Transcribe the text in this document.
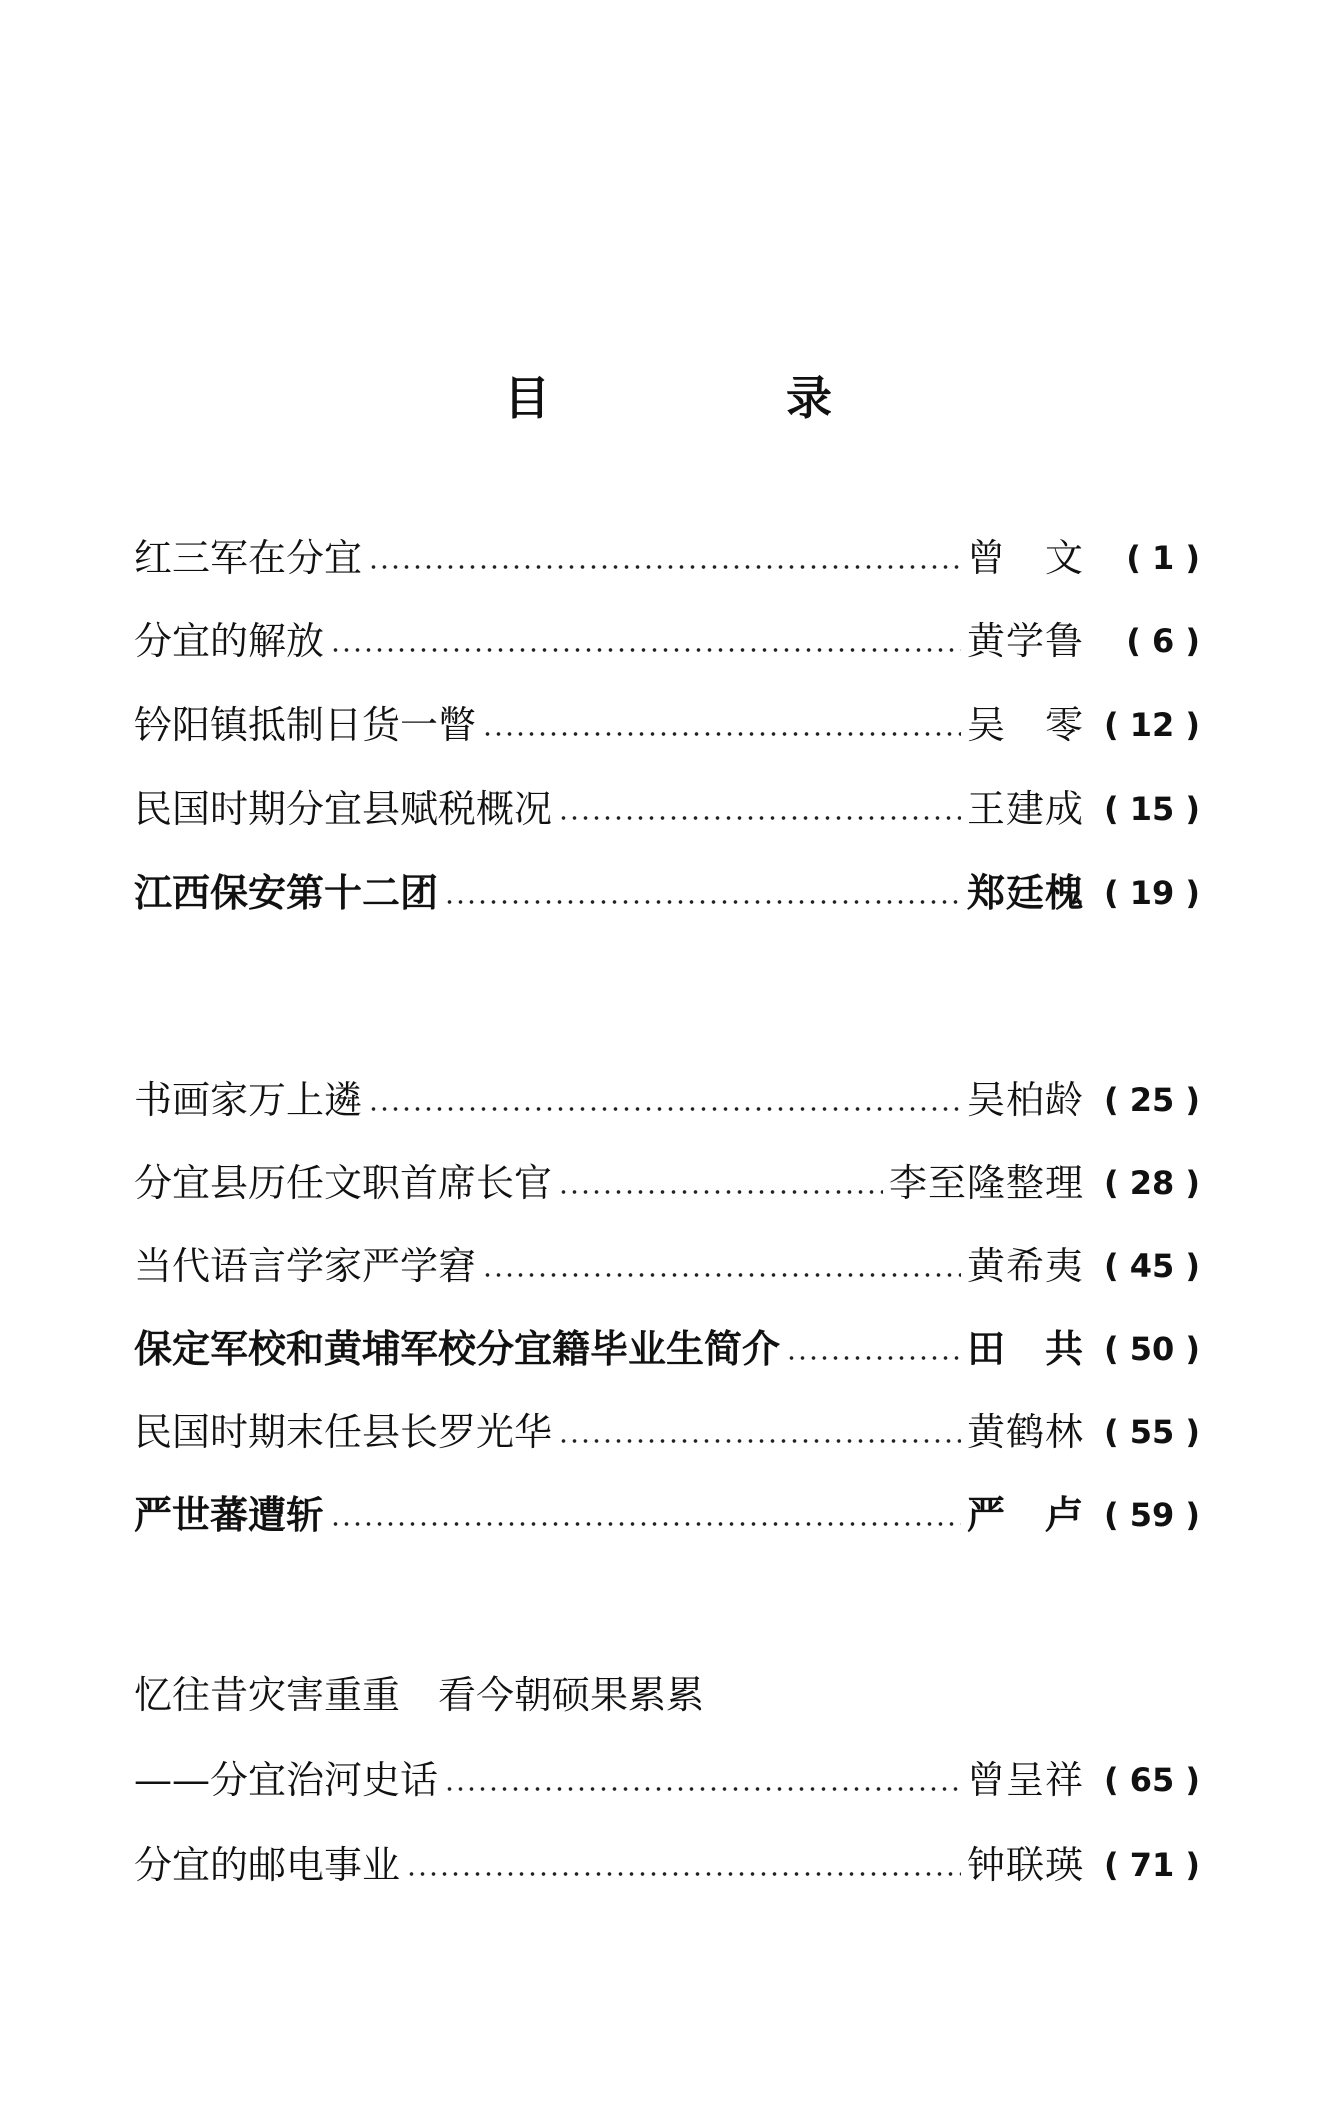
目 录
红三军在分宜	曾　文	( 1 )
分宜的解放	黄学鲁	( 6 )
钤阳镇抵制日货一瞥	吴　零 ( 12 )
民国时期分宜县赋税概况	王建成 ( 15 )
江西保安第十二团	郑廷槐 ( 19 )
书画家万上遴	吴柏龄 ( 25 )
分宜县历任文职首席长官	李至隆整理 ( 28 )
当代语言学家严学窘	黄希夷 ( 45 )
保定军校和黄埔军校分宜籍毕业生简介	田　共 ( 50 )
民国时期末任县长罗光华	黄鹤林 ( 55 )
严世蕃遭斩	严　卢 ( 59 )
忆往昔灾害重重　看今朝硕果累累
——分宜治河史话	曾呈祥 ( 65 )
分宜的邮电事业	钟联瑛 ( 71 )
